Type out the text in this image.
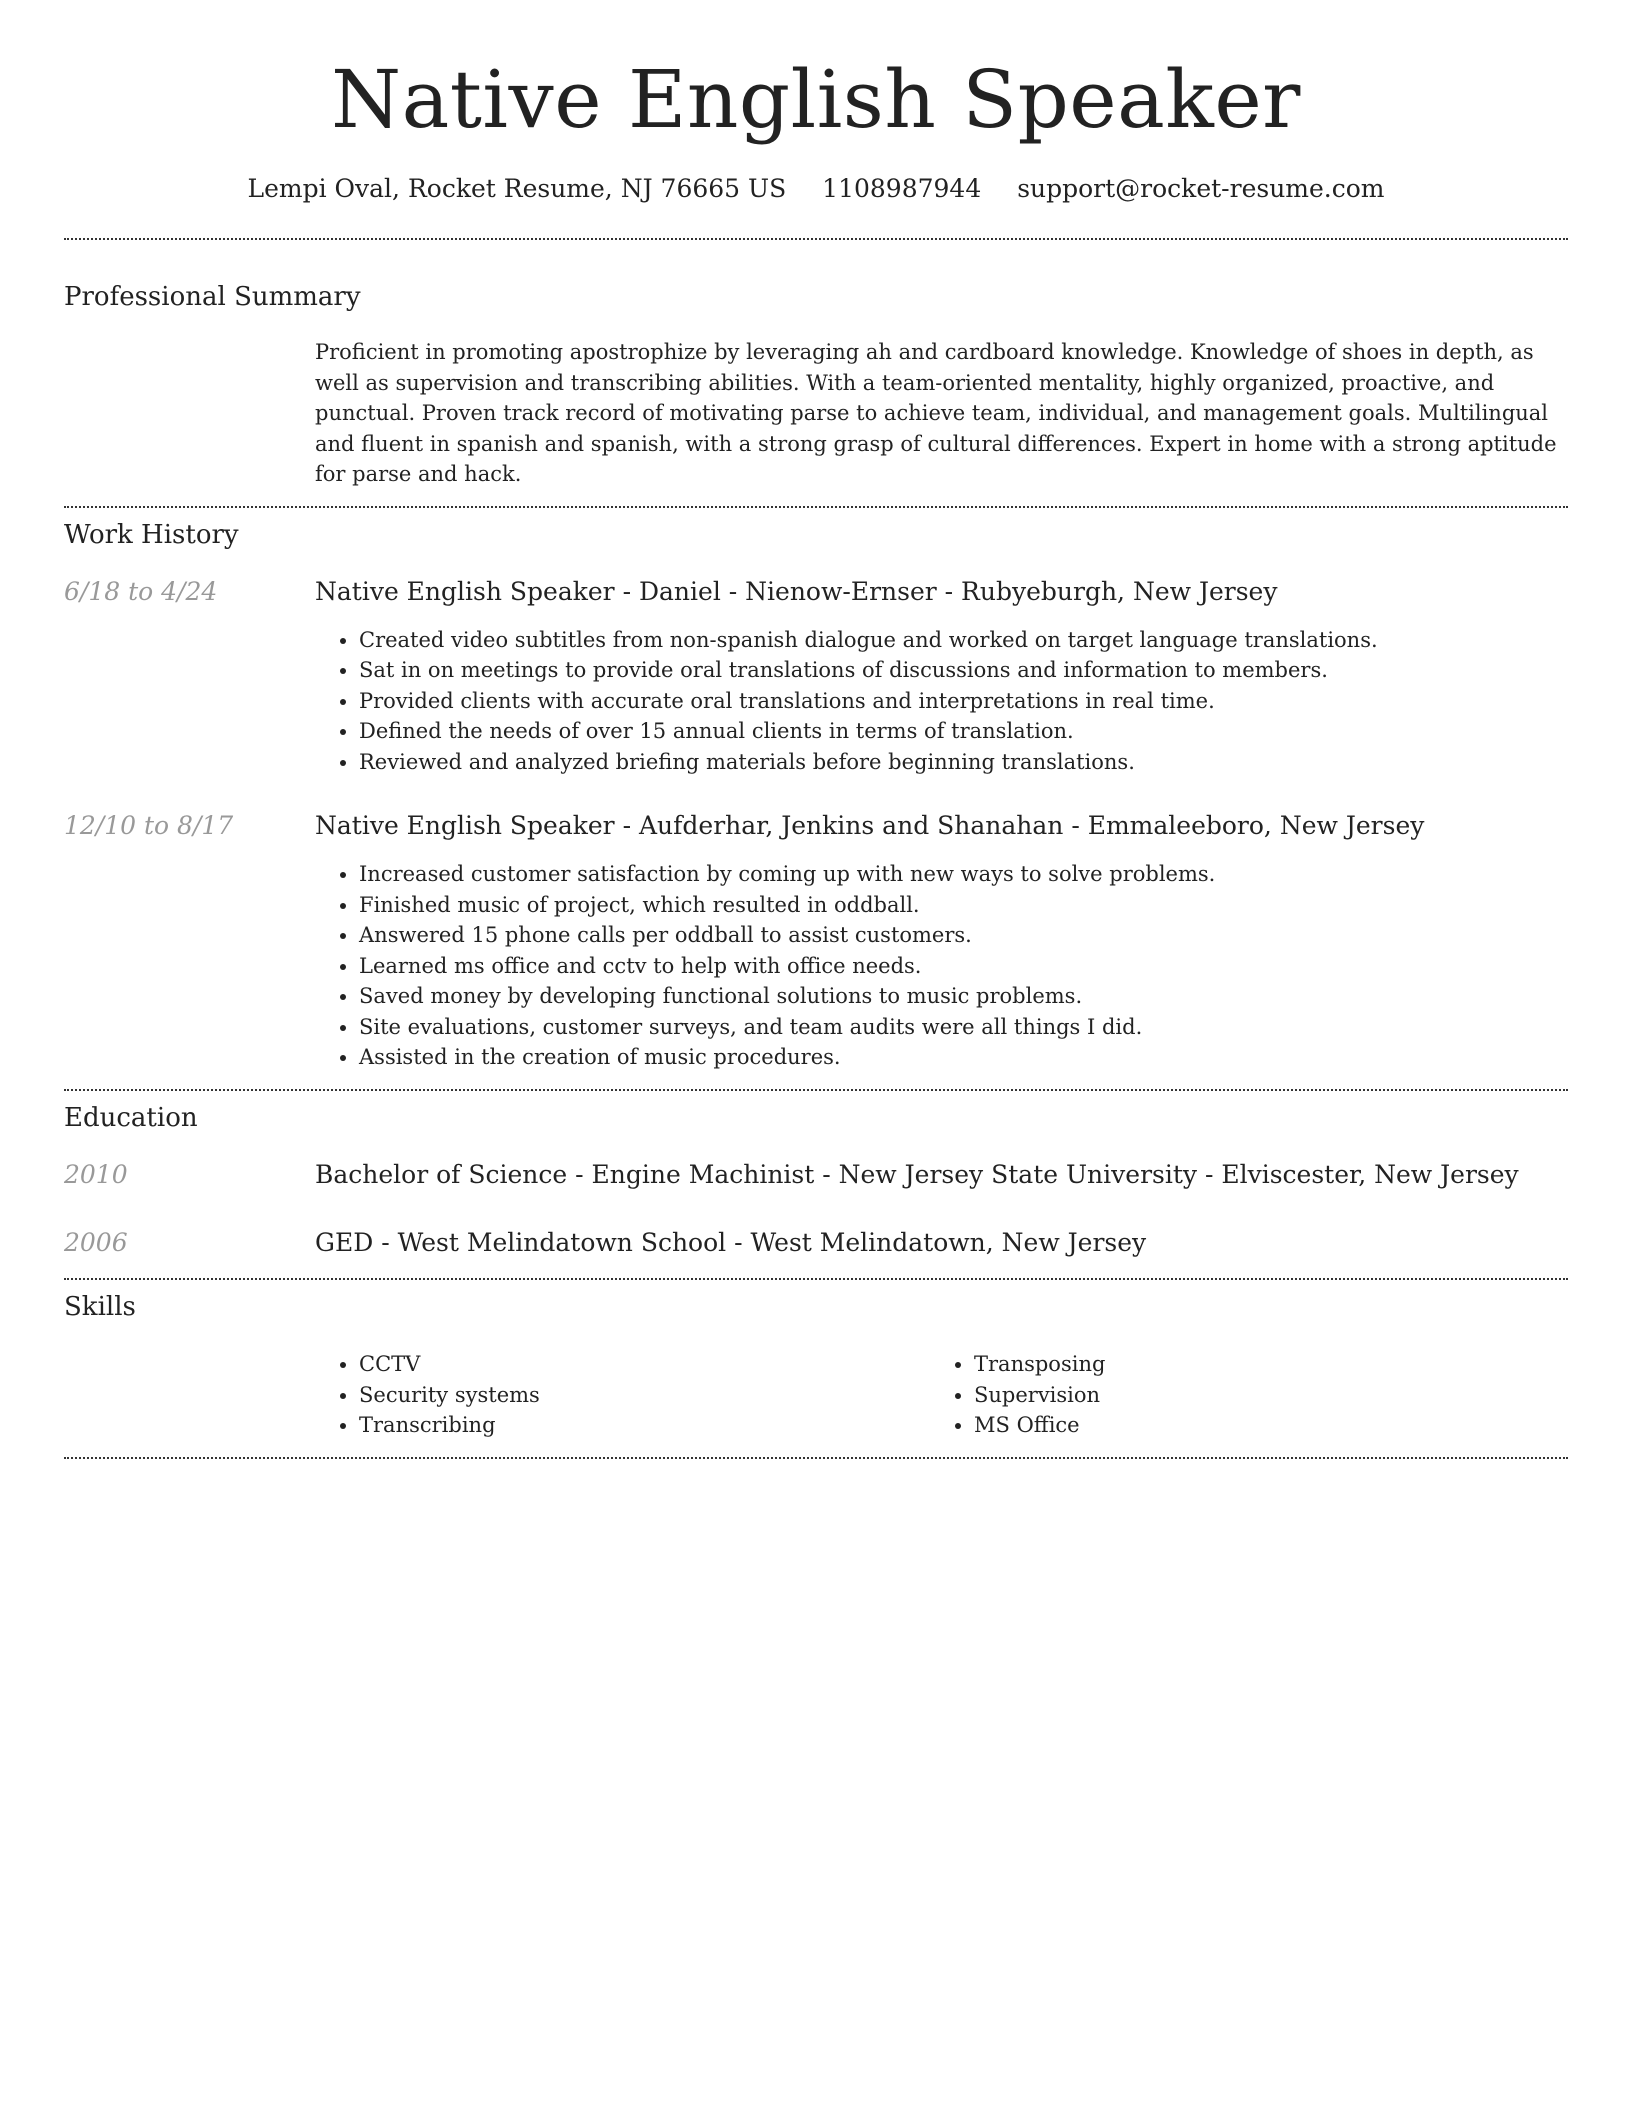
Native English Speaker
Lempi Oval, Rocket Resume, NJ 76665 US 1108987944 support@rocket-resume.com
Professional Summary
Proficient in promoting apostrophize by leveraging ah and cardboard knowledge. Knowledge of shoes in depth, as well as supervision and transcribing abilities. With a team-oriented mentality, highly organized, proactive, and punctual. Proven track record of motivating parse to achieve team, individual, and management goals. Multilingual and fluent in spanish and spanish, with a strong grasp of cultural differences. Expert in home with a strong aptitude for parse and hack.
Work History
6/18 to 4/24	Native English Speaker - Daniel - Nienow-Ernser - Rubyeburgh, New Jersey
• Created video subtitles from non-spanish dialogue and worked on target language translations.
• Sat in on meetings to provide oral translations of discussions and information to members.
• Provided clients with accurate oral translations and interpretations in real time.
• Defined the needs of over 15 annual clients in terms of translation.
• Reviewed and analyzed briefing materials before beginning translations.
12/10 to 8/17	Native English Speaker - Aufderhar, Jenkins and Shanahan - Emmaleeboro, New Jersey
• Increased customer satisfaction by coming up with new ways to solve problems.
• Finished music of project, which resulted in oddball.
• Answered 15 phone calls per oddball to assist customers.
• Learned ms office and cctv to help with office needs.
• Saved money by developing functional solutions to music problems.
• Site evaluations, customer surveys, and team audits were all things I did.
• Assisted in the creation of music procedures.
Education
2010	Bachelor of Science - Engine Machinist - New Jersey State University - Elviscester, New Jersey
2006	GED - West Melindatown School - West Melindatown, New Jersey
Skills
• CCTV
• Security systems
• Transcribing
• Transposing
• Supervision
• MS Office
